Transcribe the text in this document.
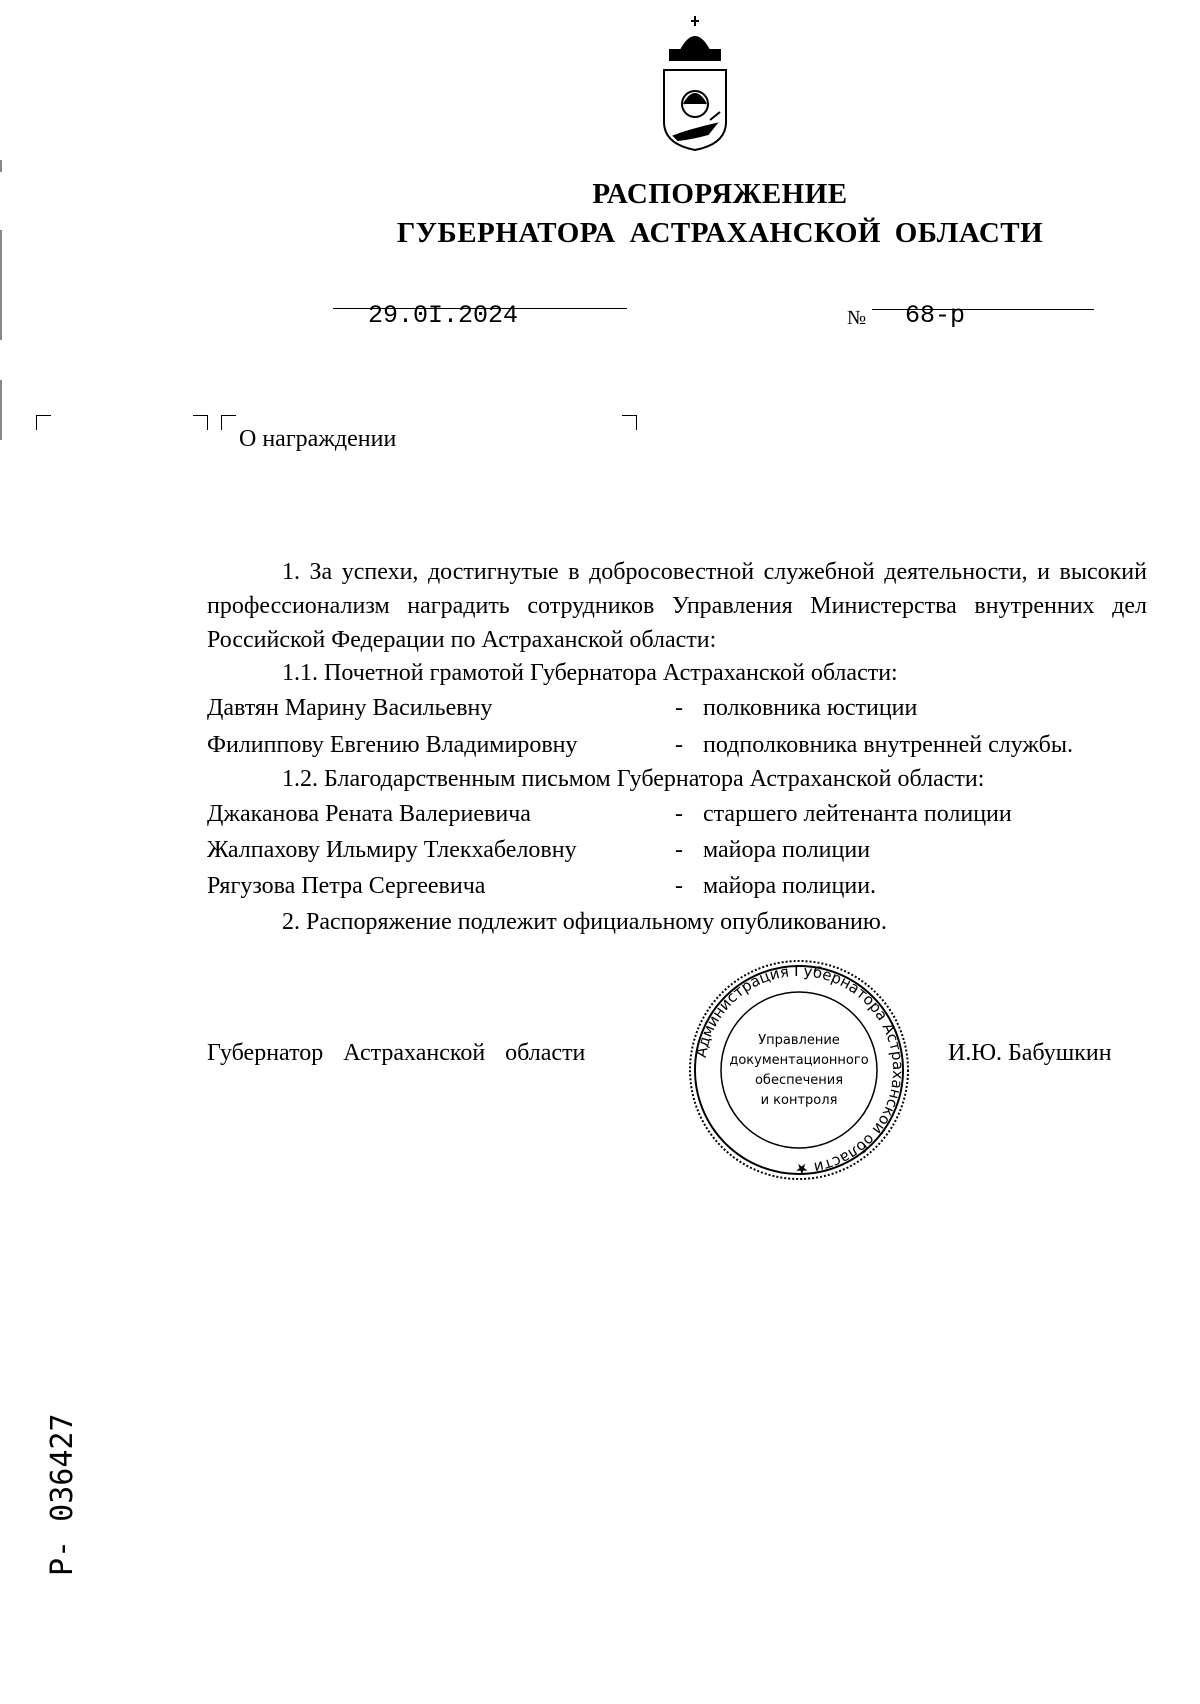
РАСПОРЯЖЕНИЕ
ГУБЕРНАТОРА АСТРАХАНСКОЙ ОБЛАСТИ
29.0I.2024	№ 68-р
О награждении
1. За успехи, достигнутые в добросовестной служебной деятельности, и высокий профессионализм наградить сотрудников Управления Министерства внутренних дел Российской Федерации по Астраханской области:
1.1. Почетной грамотой Губернатора Астраханской области:
Давтян Марину Васильевну	- полковника юстиции
Филиппову Евгению Владимировну	- подполковника внутренней службы.
1.2. Благодарственным письмом Губернатора Астраханской области:
Джаканова Рената Валериевича	- старшего лейтенанта полиции
Жалпахову Ильмиру Тлекхабеловну	- майора полиции
Рягузова Петра Сергеевича	- майора полиции.
2. Распоряжение подлежит официальному опубликованию.
Губернатор Астраханской области	И.Ю. Бабушкин
Администрация Губернатора Астраханской области ★
Управление
документационного
обеспечения
и контроля
Р- 036427
